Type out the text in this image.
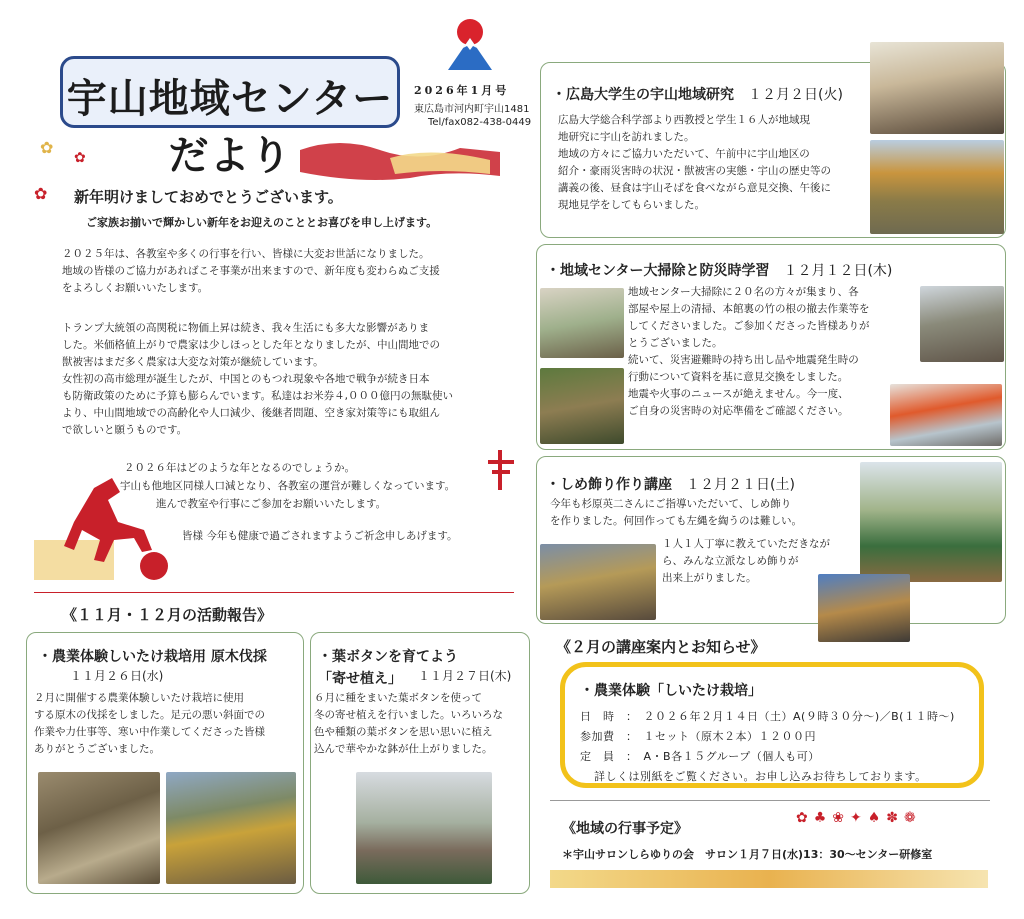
宇山地域センターだより
2026年1月号
東広島市河内町宇山1481
Tel/fax082-438-0449
✿
✿
✿ 新年明けましておめでとうございます。
ご家族お揃いで輝かしい新年をお迎えのこととお喜びを申し上げます。
２０２５年は、各教室や多くの行事を行い、皆様に大変お世話になりました。
地域の皆様のご協力があればこそ事業が出来ますので、新年度も変わらぬご支援
をよろしくお願いいたします。
トランプ大統領の高関税に物価上昇は続き、我々生活にも多大な影響がありま
した。米価格値上がりで農家は少しほっとした年となりましたが、中山間地での
獣被害はまだ多く農家は大変な対策が継続しています。
女性初の高市総理が誕生したが、中国とのもつれ現象や各地で戦争が続き日本
も防衛政策のために予算も膨らんでいます。私達はお米券４,０００億円の無駄使い
より、中山間地域での高齢化や人口減少、後継者問題、空き家対策等にも取組ん
で欲しいと願うものです。
２０２６年はどのような年となるのでしょうか。
宇山も他地区同様人口減となり、各教室の運営が難しくなっています。
進んで教室や行事にご参加をお願いいたします。
皆様 今年も健康で過ごされますようご祈念申しあげます。
《１１月・１２月の活動報告》
・農業体験しいたけ栽培用 原木伐採
１１月２６日(水)
２月に開催する農業体験しいたけ栽培に使用
する原木の伐採をしました。足元の悪い斜面での
作業や力仕事等、寒い中作業してくださった皆様
ありがとうございました。
・葉ボタンを育てよう
「寄せ植え」 １１月２７日(木)
６月に種をまいた葉ボタンを使って
冬の寄せ植えを行いました。いろいろな
色や種類の葉ボタンを思い思いに植え
込んで華やかな鉢が仕上がりました。
・広島大学生の宇山地域研究 １２月２日(火)
広島大学総合科学部より西教授と学生１６人が地域現
地研究に宇山を訪れました。
地域の方々にご協力いただいて、午前中に宇山地区の
紹介・豪雨災害時の状況・獣被害の実態・宇山の歴史等の
講義の後、昼食は宇山そばを食べながら意見交換、午後に
現地見学をしてもらいました。
・地域センター大掃除と防災時学習 １２月１２日(木)
地域センター大掃除に２０名の方々が集まり、各
部屋や屋上の清掃、本館裏の竹の根の撤去作業等を
してくださいました。ご参加くださった皆様ありが
とうございました。
続いて、災害避難時の持ち出し品や地震発生時の
行動について資料を基に意見交換をしました。
地震や火事のニュースが絶えません。今一度、
ご自身の災害時の対応準備をご確認ください。
・しめ飾り作り講座 １２月２１日(土)
今年も杉原英二さんにご指導いただいて、しめ飾り
を作りました。何回作っても左縄を綯うのは難しい。
１人１人丁寧に教えていただきなが
ら、みんな立派なしめ飾りが
出来上がりました。
《２月の講座案内とお知らせ》
・農業体験「しいたけ栽培」
日　時　：　２０２６年２月１４日（土）A(９時３０分～)／B(１１時～)
参加費　：　１セット（原木２本）１２００円
定　員　：　A・B各１５グループ（個人も可）
詳しくは別紙をご覧ください。お申し込みお待ちしております。
《地域の行事予定》
✿♣❀✦♠✽❁
＊宇山サロンしらゆりの会　サロン１月７日(水)13：30～センター研修室
